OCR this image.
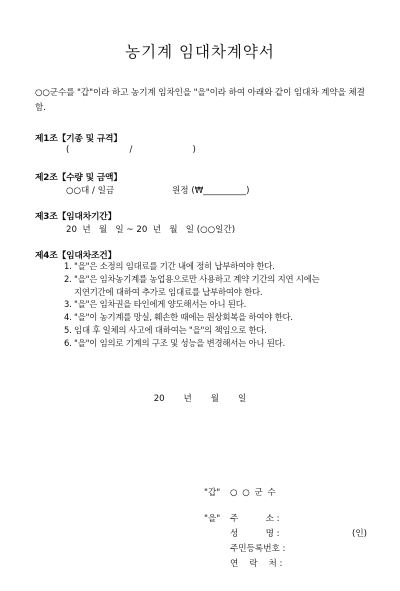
농기계 임대차계약서
○○군수를 "갑"이라 하고 농기계 임차인을 "을"이라 하여 아래와 같이 임대차 계약을 체결함.
제1조【기종 및 규격】
(                      /                      )
제2조【수량 및 금액】
○○대 / 일금	원정 (₩__________)
제3조【임대차기간】
20  년   월   일 ~ 20  년   월   일 (○○일간)
제4조【임대차조건】
1. "을"은 소정의 임대료를 기간 내에 정히 납부하여야 한다.
2. "을"은 임차농기계를 농업용으로만 사용하고 계약 기간의 지연 시에는
지연기간에 대하여 추가로 임대료를 납부하여야 한다.
3. "을"은 임차권을 타인에게 양도해서는 아니 된다.
4. "을"이 농기계를 망실, 훼손한 때에는 원상회복을 하여야 한다.
5. 임대 후 일체의 사고에 대하여는 "을"의 책임으로 한다.
6. "을"이 임의로 기계의 구조 및 성능을 변경해서는 아니 된다.
20    년    월    일
"갑" ○ ○ 군 수
"을" 주          소 :
성          명 :
주민등록번호 :
연    락    처 :
(인)
